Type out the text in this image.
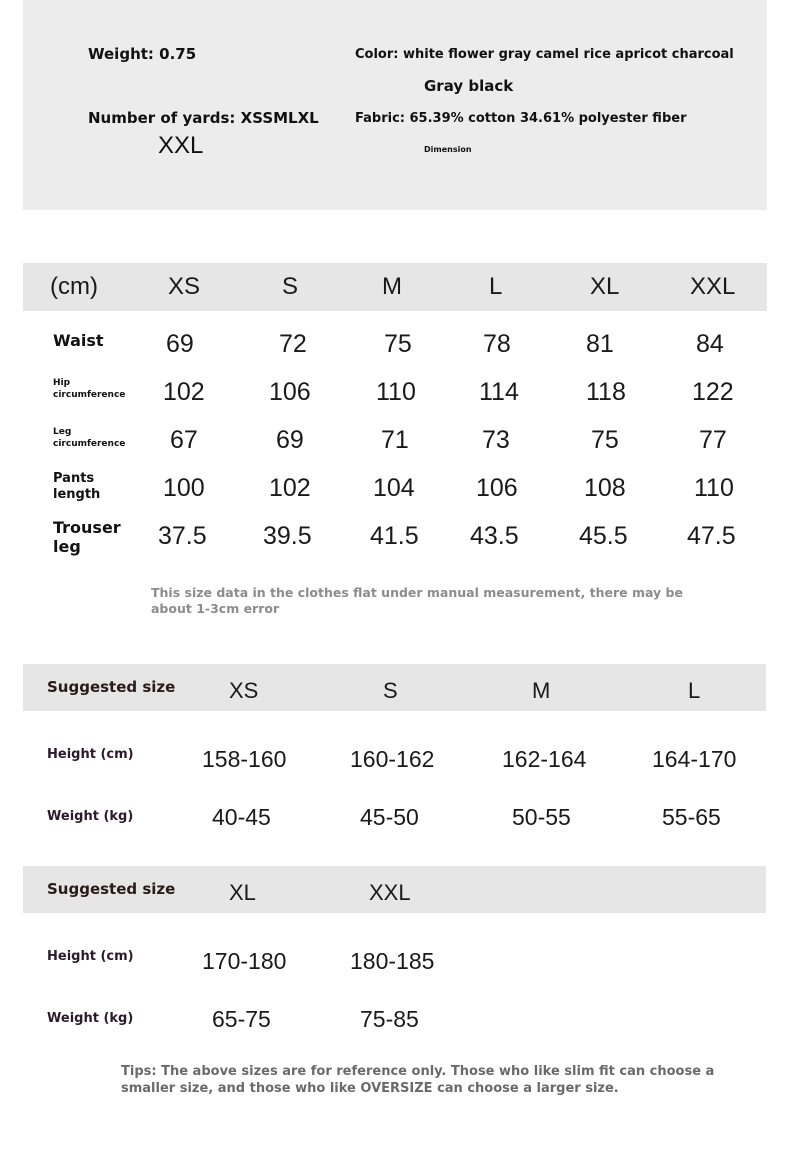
Weight: 0.75	Color: white flower gray camel rice apricot charcoal
Gray black
Number of yards: XSSMLXL
XXL
Fabric: 65.39% cotton 34.61% polyester fiber
Dimension
(cm)	XS	S	M	L	XL	XXL
Waist 69	72	75	78	81	84
Hip
circumference 102	106	110	114	118	122
Leg
circumference 67	69	71	73	75	77
Pants
length	100	102 104 106	108	110
Trouser
leg	37.5 39.5 41.5 43.5 45.5 47.5
This size data in the clothes flat under manual measurement, there may be
about 1-3cm error
Suggested size XS	S	M	L
Height (cm)	158-160	160-162	162-164	164-170
Weight (kg)	40-45	45-50	50-55	55-65
Suggested size XL	XXL
Height (cm)	170-180	180-185
Weight (kg)	65-75	75-85
Tips: The above sizes are for reference only. Those who like slim fit can choose a
smaller size, and those who like OVERSIZE can choose a larger size.
